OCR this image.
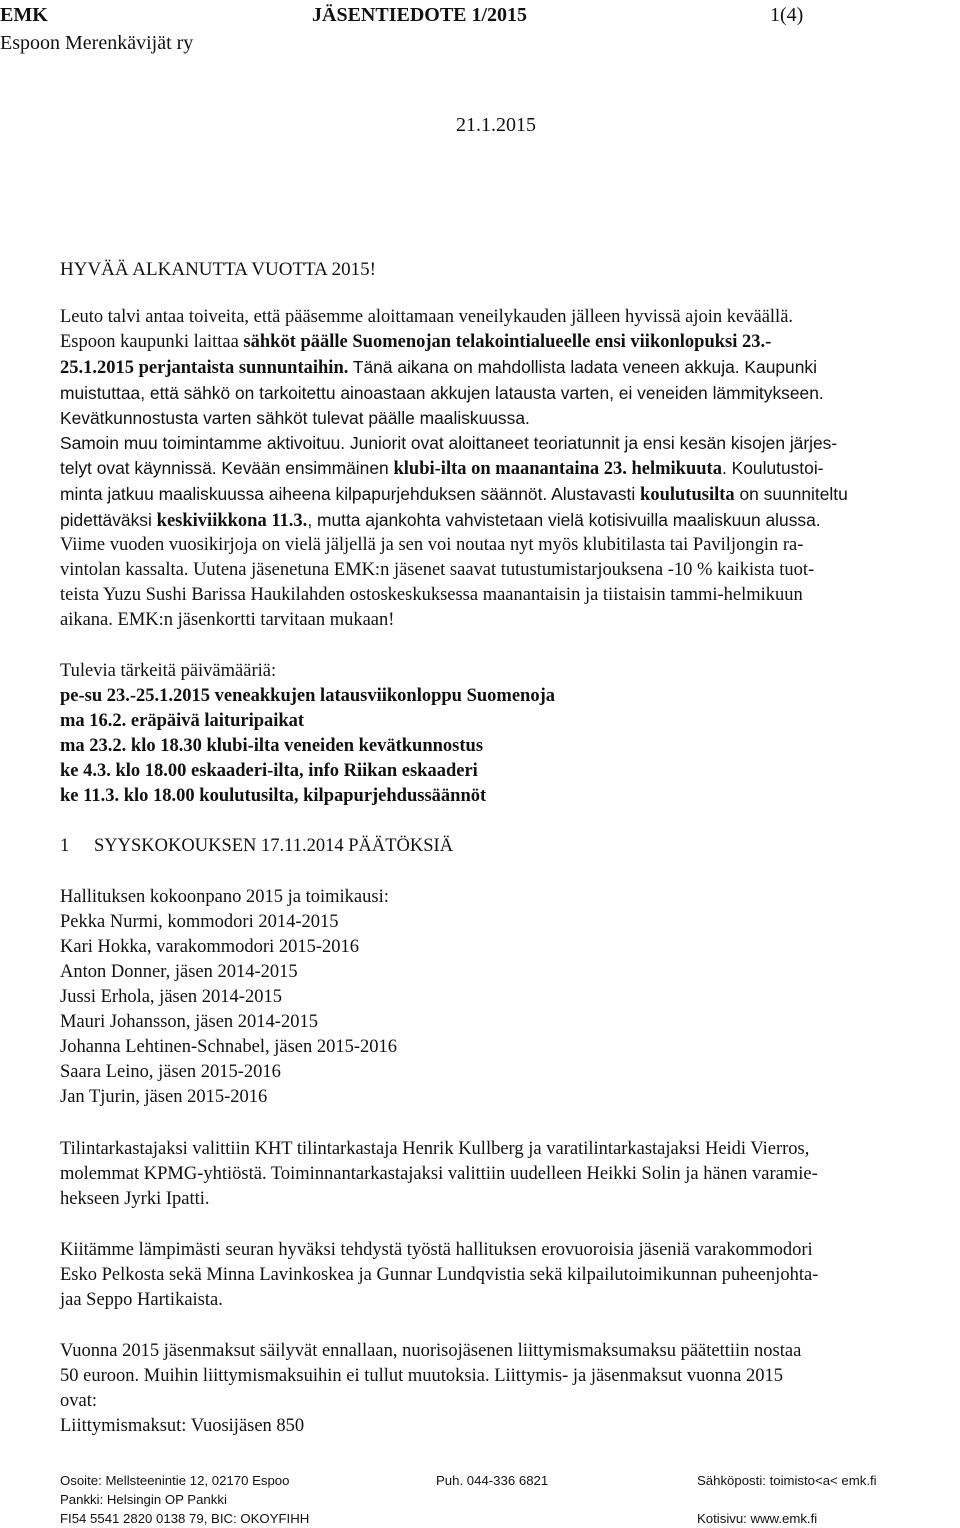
EMK
Espoon Merenkävijät ry
JÄSENTIEDOTE 1/2015	1(4)
21.1.2015
HYVÄÄ ALKANUTTA VUOTTA 2015!
Leuto talvi antaa toiveita, että pääsemme aloittamaan veneilykauden jälleen hyvissä ajoin keväällä.
Espoon kaupunki laittaa sähköt päälle Suomenojan telakointialueelle ensi viikonlopuksi 23.-
25.1.2015 perjantaista sunnuntaihin. Tänä aikana on mahdollista ladata veneen akkuja. Kaupunki
muistuttaa, että sähkö on tarkoitettu ainoastaan akkujen latausta varten, ei veneiden lämmitykseen.
Kevätkunnostusta varten sähköt tulevat päälle maaliskuussa.
Samoin muu toimintamme aktivoituu. Juniorit ovat aloittaneet teoriatunnit ja ensi kesän kisojen järjes-
telyt ovat käynnissä. Kevään ensimmäinen klubi-ilta on maanantaina 23. helmikuuta. Koulutustoi-
minta jatkuu maaliskuussa aiheena kilpapurjehduksen säännöt. Alustavasti koulutusilta on suunniteltu
pidettäväksi keskiviikkona 11.3., mutta ajankohta vahvistetaan vielä kotisivuilla maaliskuun alussa.
Viime vuoden vuosikirjoja on vielä jäljellä ja sen voi noutaa nyt myös klubitilasta tai Paviljongin ra-
vintolan kassalta. Uutena jäsenetuna EMK:n jäsenet saavat tutustumistarjouksena -10 % kaikista tuot-
teista Yuzu Sushi Barissa Haukilahden ostoskeskuksessa maanantaisin ja tiistaisin tammi-helmikuun
aikana. EMK:n jäsenkortti tarvitaan mukaan!
Tulevia tärkeitä päivämääriä:
pe-su 23.-25.1.2015 veneakkujen latausviikonloppu Suomenoja
ma 16.2. eräpäivä laituripaikat
ma 23.2. klo 18.30 klubi-ilta veneiden kevätkunnostus
ke 4.3. klo 18.00 eskaaderi-ilta, info Riikan eskaaderi
ke 11.3. klo 18.00 koulutusilta, kilpapurjehdussäännöt
1 SYYSKOKOUKSEN 17.11.2014 PÄÄTÖKSIÄ
Hallituksen kokoonpano 2015 ja toimikausi:
Pekka Nurmi, kommodori 2014-2015
Kari Hokka, varakommodori 2015-2016
Anton Donner, jäsen 2014-2015
Jussi Erhola, jäsen 2014-2015
Mauri Johansson, jäsen 2014-2015
Johanna Lehtinen-Schnabel, jäsen 2015-2016
Saara Leino, jäsen 2015-2016
Jan Tjurin, jäsen 2015-2016
Tilintarkastajaksi valittiin KHT tilintarkastaja Henrik Kullberg ja varatilintarkastajaksi Heidi Vierros,
molemmat KPMG-yhtiöstä. Toiminnantarkastajaksi valittiin uudelleen Heikki Solin ja hänen varamie-
hekseen Jyrki Ipatti.
Kiitämme lämpimästi seuran hyväksi tehdystä työstä hallituksen erovuoroisia jäseniä varakommodori
Esko Pelkosta sekä Minna Lavinkoskea ja Gunnar Lundqvistia sekä kilpailutoimikunnan puheenjohta-
jaa Seppo Hartikaista.
Vuonna 2015 jäsenmaksut säilyvät ennallaan, nuorisojäsenen liittymismaksumaksu päätettiin nostaa
50 euroon. Muihin liittymismaksuihin ei tullut muutoksia. Liittymis- ja jäsenmaksut vuonna 2015
ovat:
Liittymismaksut: Vuosijäsen 850
Osoite: Mellsteenintie 12, 02170 Espoo
Pankki: Helsingin OP Pankki
FI54 5541 2820 0138 79, BIC: OKOYFIHH
Puh. 044-336 6821	Sähköposti: toimisto<a< emk.fi
Kotisivu: www.emk.fi
